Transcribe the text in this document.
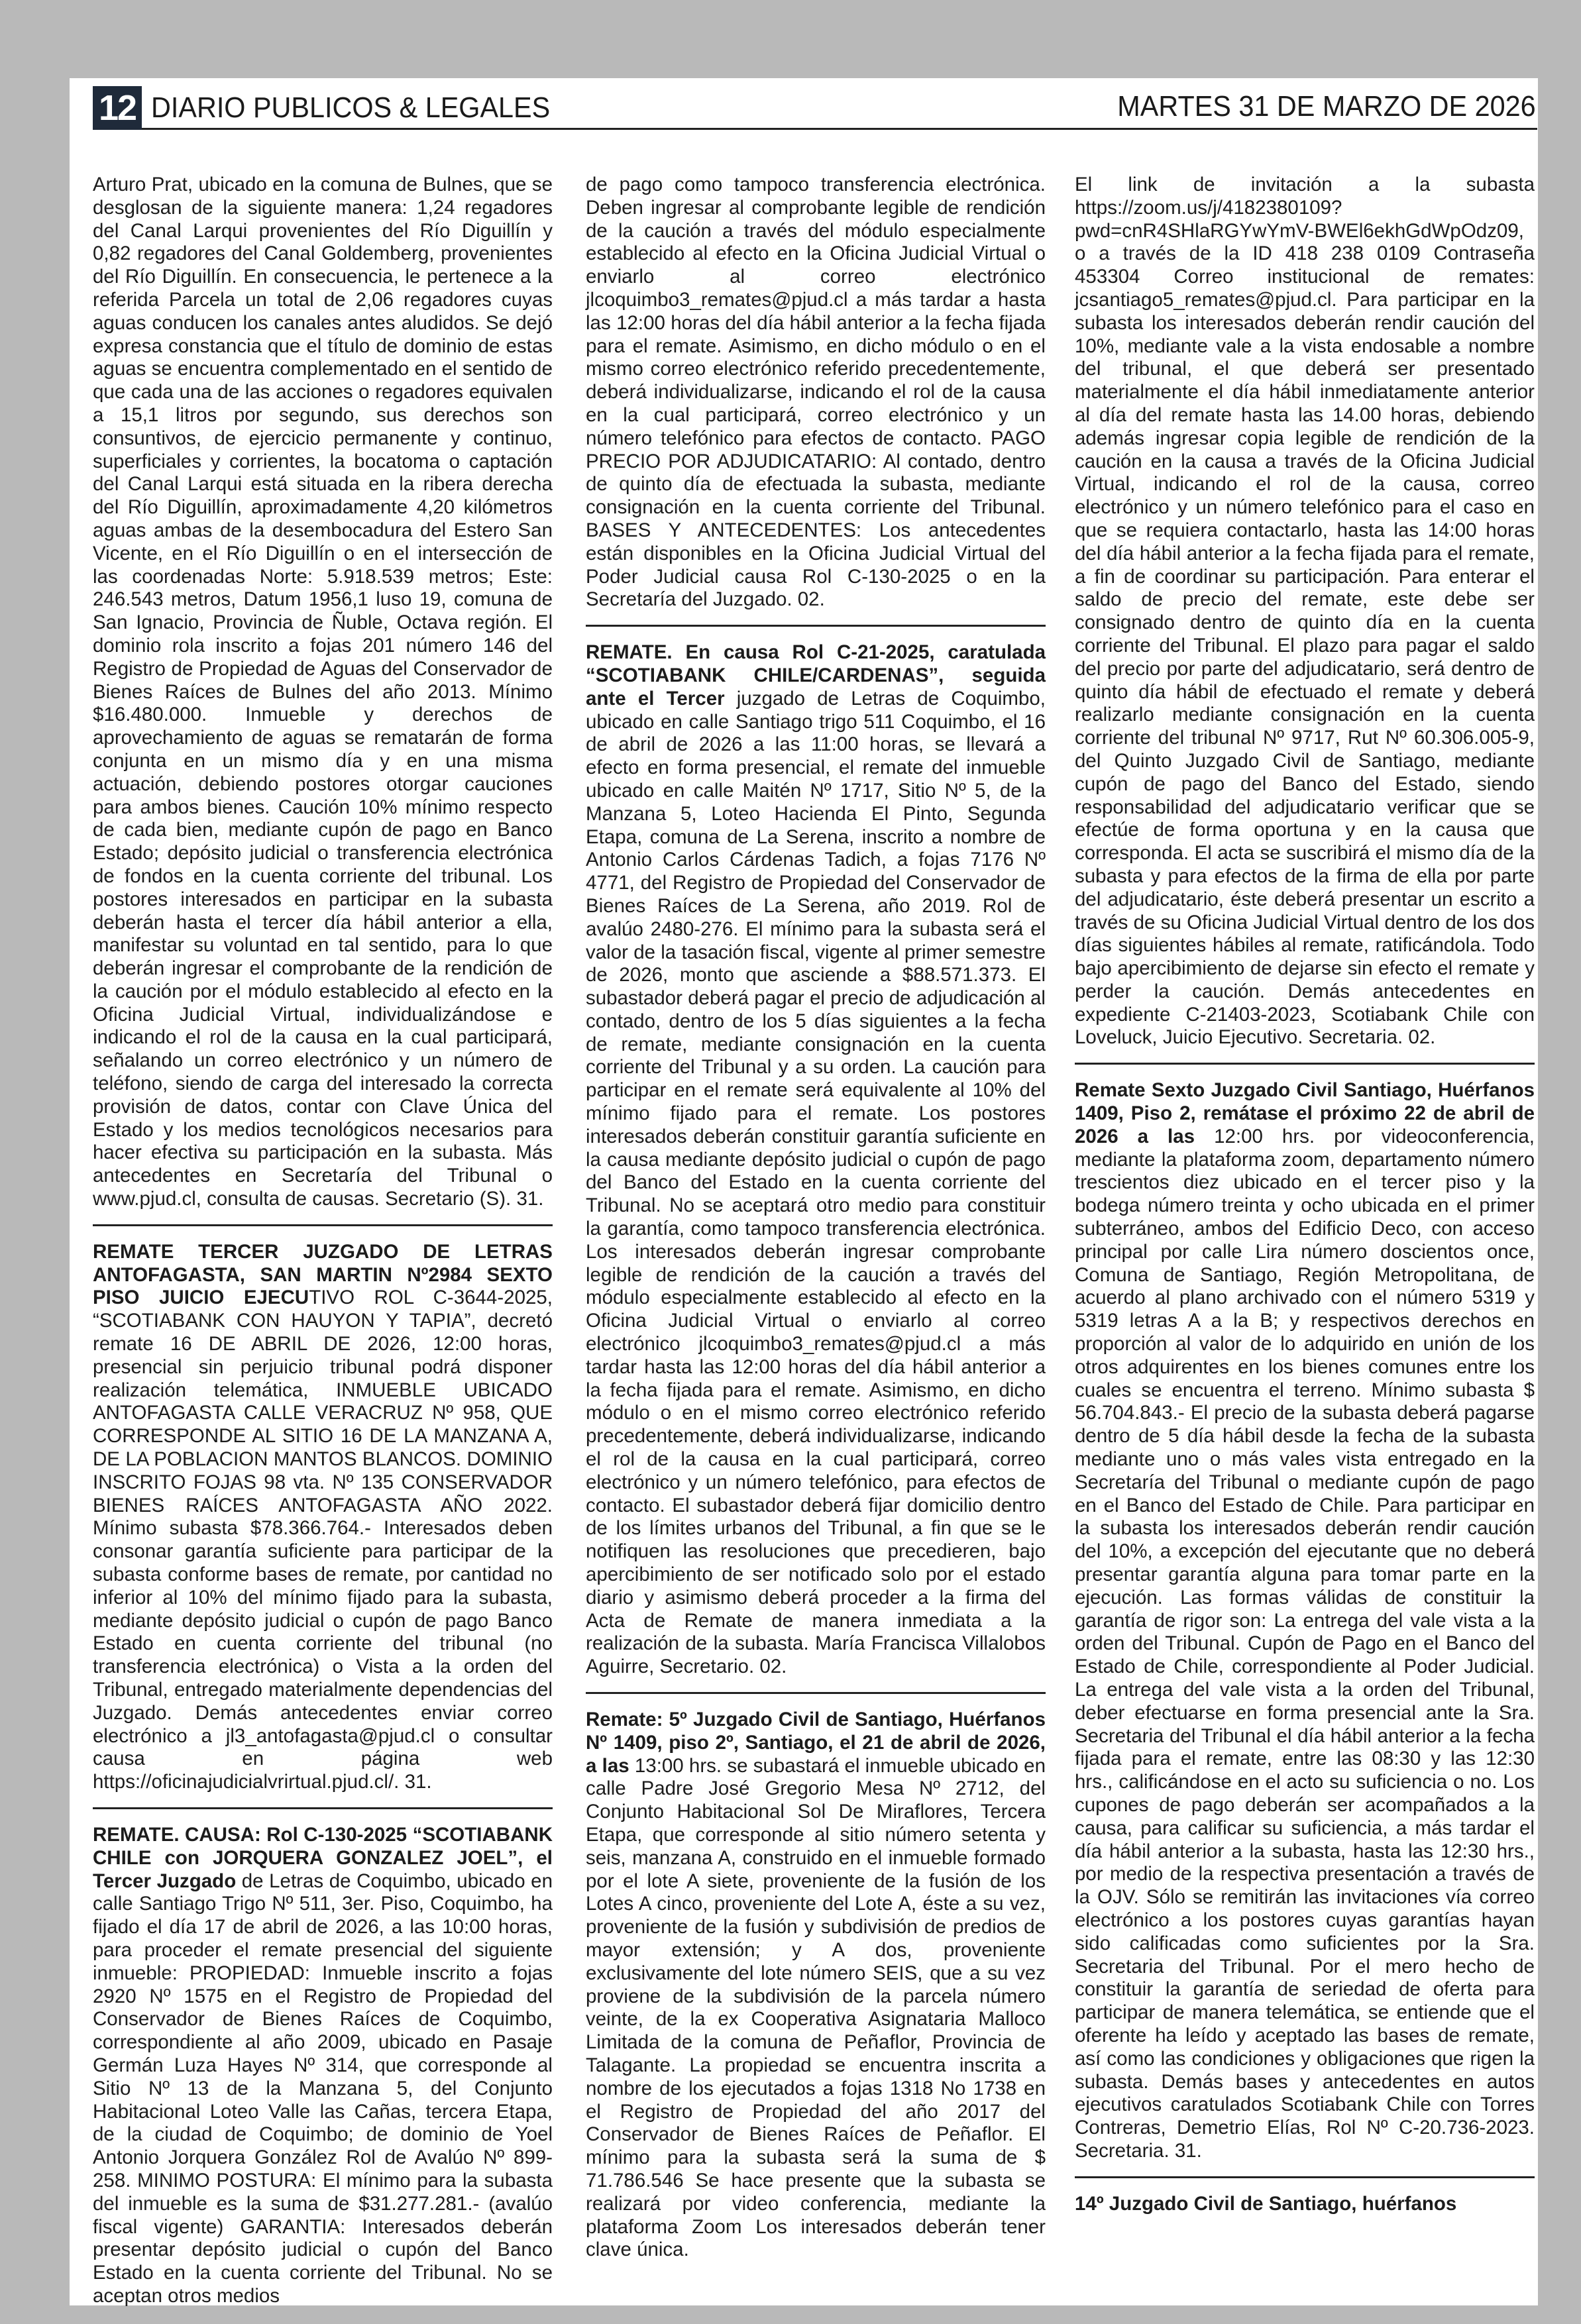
12 DIARIO PUBLICOS & LEGALES	MARTES 31 DE MARZO DE 2026

Arturo Prat, ubicado en la comuna de Bulnes, que se desglosan de la siguiente manera: 1,24 regadores del Canal Larqui provenientes del Río Diguillín y 0,82 regadores del Canal Goldemberg, provenientes del Río Diguillín. En consecuencia, le pertenece a la referida Parcela un total de 2,06 regadores cuyas aguas conducen los canales antes aludidos. Se dejó expresa constancia que el título de dominio de estas aguas se encuentra complementado en el sentido de que cada una de las acciones o regadores equivalen a 15,1 litros por segundo, sus derechos son consuntivos, de ejercicio permanente y continuo, superficiales y corrientes, la bocatoma o captación del Canal Larqui está situada en la ribera derecha del Río Diguillín, aproximadamente 4,20 kilómetros aguas ambas de la desembocadura del Estero San Vicente, en el Río Diguillín o en el intersección de las coordenadas Norte: 5.918.539 metros; Este: 246.543 metros, Datum 1956,1 luso 19, comuna de San Ignacio, Provincia de Ñuble, Octava región. El dominio rola inscrito a fojas 201 número 146 del Registro de Propiedad de Aguas del Conservador de Bienes Raíces de Bulnes del año 2013. Mínimo $16.480.000. Inmueble y derechos de aprovechamiento de aguas se rematarán de forma conjunta en un mismo día y en una misma actuación, debiendo postores otorgar cauciones para ambos bienes. Caución 10% mínimo respecto de cada bien, mediante cupón de pago en Banco Estado; depósito judicial o transferencia electrónica de fondos en la cuenta corriente del tribunal. Los postores interesados en participar en la subasta deberán hasta el tercer día hábil anterior a ella, manifestar su voluntad en tal sentido, para lo que deberán ingresar el comprobante de la rendición de la caución por el módulo establecido al efecto en la Oficina Judicial Virtual, individualizándose e indicando el rol de la causa en la cual participará, señalando un correo electrónico y un número de teléfono, siendo de carga del interesado la correcta provisión de datos, contar con Clave Única del Estado y los medios tecnológicos necesarios para hacer efectiva su participación en la subasta. Más antecedentes en Secretaría del Tribunal o www.pjud.cl, consulta de causas. Secretario (S). 31.

REMATE TERCER JUZGADO DE LETRAS ANTOFAGASTA, SAN MARTIN Nº2984 SEXTO PISO JUICIO EJECUTIVO ROL C-3644-2025, “SCOTIABANK CON HAUYON Y TAPIA”, decretó remate 16 DE ABRIL DE 2026, 12:00 horas, presencial sin perjuicio tribunal podrá disponer realización telemática, INMUEBLE UBICADO ANTOFAGASTA CALLE VERACRUZ Nº 958, QUE CORRESPONDE AL SITIO 16 DE LA MANZANA A, DE LA POBLACION MANTOS BLANCOS. DOMINIO INSCRITO FOJAS 98 vta. Nº 135 CONSERVADOR BIENES RAÍCES ANTOFAGASTA AÑO 2022. Mínimo subasta $78.366.764.- Interesados deben consonar garantía suficiente para participar de la subasta conforme bases de remate, por cantidad no inferior al 10% del mínimo fijado para la subasta, mediante depósito judicial o cupón de pago Banco Estado en cuenta corriente del tribunal (no transferencia electrónica) o Vista a la orden del Tribunal, entregado materialmente dependencias del Juzgado. Demás antecedentes enviar correo electrónico a jl3_antofagasta@pjud.cl o consultar causa en página web https://oficinajudicialvrirtual.pjud.cl/. 31.

REMATE. CAUSA: Rol C-130-2025 “SCOTIABANK CHILE con JORQUERA GONZALEZ JOEL”, el Tercer Juzgado de Letras de Coquimbo, ubicado en calle Santiago Trigo Nº 511, 3er. Piso, Coquimbo, ha fijado el día 17 de abril de 2026, a las 10:00 horas, para proceder el remate presencial del siguiente inmueble: PROPIEDAD: Inmueble inscrito a fojas 2920 Nº 1575 en el Registro de Propiedad del Conservador de Bienes Raíces de Coquimbo, correspondiente al año 2009, ubicado en Pasaje Germán Luza Hayes Nº 314, que corresponde al Sitio Nº 13 de la Manzana 5, del Conjunto Habitacional Loteo Valle las Cañas, tercera Etapa, de la ciudad de Coquimbo; de dominio de Yoel Antonio Jorquera González Rol de Avalúo Nº 899-258. MINIMO POSTURA: El mínimo para la subasta del inmueble es la suma de $31.277.281.- (avalúo fiscal vigente) GARANTIA: Interesados deberán presentar depósito judicial o cupón del Banco Estado en la cuenta corriente del Tribunal. No se aceptan otros medios

de pago como tampoco transferencia electrónica. Deben ingresar al comprobante legible de rendición de la caución a través del módulo especialmente establecido al efecto en la Oficina Judicial Virtual o enviarlo al correo electrónico jlcoquimbo3_remates@pjud.cl a más tardar a hasta las 12:00 horas del día hábil anterior a la fecha fijada para el remate. Asimismo, en dicho módulo o en el mismo correo electrónico referido precedentemente, deberá individualizarse, indicando el rol de la causa en la cual participará, correo electrónico y un número telefónico para efectos de contacto. PAGO PRECIO POR ADJUDICATARIO: Al contado, dentro de quinto día de efectuada la subasta, mediante consignación en la cuenta corriente del Tribunal. BASES Y ANTECEDENTES: Los antecedentes están disponibles en la Oficina Judicial Virtual del Poder Judicial causa Rol C-130-2025 o en la Secretaría del Juzgado. 02.

REMATE. En causa Rol C-21-2025, caratulada “SCOTIABANK CHILE/CARDENAS”, seguida ante el Tercer juzgado de Letras de Coquimbo, ubicado en calle Santiago trigo 511 Coquimbo, el 16 de abril de 2026 a las 11:00 horas, se llevará a efecto en forma presencial, el remate del inmueble ubicado en calle Maitén Nº 1717, Sitio Nº 5, de la Manzana 5, Loteo Hacienda El Pinto, Segunda Etapa, comuna de La Serena, inscrito a nombre de Antonio Carlos Cárdenas Tadich, a fojas 7176 Nº 4771, del Registro de Propiedad del Conservador de Bienes Raíces de La Serena, año 2019. Rol de avalúo 2480-276. El mínimo para la subasta será el valor de la tasación fiscal, vigente al primer semestre de 2026, monto que asciende a $88.571.373. El subastador deberá pagar el precio de adjudicación al contado, dentro de los 5 días siguientes a la fecha de remate, mediante consignación en la cuenta corriente del Tribunal y a su orden. La caución para participar en el remate será equivalente al 10% del mínimo fijado para el remate. Los postores interesados deberán constituir garantía suficiente en la causa mediante depósito judicial o cupón de pago del Banco del Estado en la cuenta corriente del Tribunal. No se aceptará otro medio para constituir la garantía, como tampoco transferencia electrónica. Los interesados deberán ingresar comprobante legible de rendición de la caución a través del módulo especialmente establecido al efecto en la Oficina Judicial Virtual o enviarlo al correo electrónico jlcoquimbo3_remates@pjud.cl a más tardar hasta las 12:00 horas del día hábil anterior a la fecha fijada para el remate. Asimismo, en dicho módulo o en el mismo correo electrónico referido precedentemente, deberá individualizarse, indicando el rol de la causa en la cual participará, correo electrónico y un número telefónico, para efectos de contacto. El subastador deberá fijar domicilio dentro de los límites urbanos del Tribunal, a fin que se le notifiquen las resoluciones que precedieren, bajo apercibimiento de ser notificado solo por el estado diario y asimismo deberá proceder a la firma del Acta de Remate de manera inmediata a la realización de la subasta. María Francisca Villalobos Aguirre, Secretario. 02.

Remate: 5º Juzgado Civil de Santiago, Huérfanos Nº 1409, piso 2º, Santiago, el 21 de abril de 2026, a las 13:00 hrs. se subastará el inmueble ubicado en calle Padre José Gregorio Mesa Nº 2712, del Conjunto Habitacional Sol De Miraflores, Tercera Etapa, que corresponde al sitio número setenta y seis, manzana A, construido en el inmueble formado por el lote A siete, proveniente de la fusión de los Lotes A cinco, proveniente del Lote A, éste a su vez, proveniente de la fusión y subdivisión de predios de mayor extensión; y A dos, proveniente exclusivamente del lote número SEIS, que a su vez proviene de la subdivisión de la parcela número veinte, de la ex Cooperativa Asignataria Malloco Limitada de la comuna de Peñaflor, Provincia de Talagante. La propiedad se encuentra inscrita a nombre de los ejecutados a fojas 1318 No 1738 en el Registro de Propiedad del año 2017 del Conservador de Bienes Raíces de Peñaflor. El mínimo para la subasta será la suma de $ 71.786.546 Se hace presente que la subasta se realizará por video conferencia, mediante la plataforma Zoom Los interesados deberán tener clave única.

El link de invitación a la subasta https://zoom.us/j/4182380109?pwd=cnR4SHlaRGYwYmV-BWEl6ekhGdWpOdz09, o a través de la ID 418 238 0109 Contraseña 453304 Correo institucional de remates: jcsantiago5_remates@pjud.cl. Para participar en la subasta los interesados deberán rendir caución del 10%, mediante vale a la vista endosable a nombre del tribunal, el que deberá ser presentado materialmente el día hábil inmediatamente anterior al día del remate hasta las 14.00 horas, debiendo además ingresar copia legible de rendición de la caución en la causa a través de la Oficina Judicial Virtual, indicando el rol de la causa, correo electrónico y un número telefónico para el caso en que se requiera contactarlo, hasta las 14:00 horas del día hábil anterior a la fecha fijada para el remate, a fin de coordinar su participación. Para enterar el saldo de precio del remate, este debe ser consignado dentro de quinto día en la cuenta corriente del Tribunal. El plazo para pagar el saldo del precio por parte del adjudicatario, será dentro de quinto día hábil de efectuado el remate y deberá realizarlo mediante consignación en la cuenta corriente del tribunal Nº 9717, Rut Nº 60.306.005-9, del Quinto Juzgado Civil de Santiago, mediante cupón de pago del Banco del Estado, siendo responsabilidad del adjudicatario verificar que se efectúe de forma oportuna y en la causa que corresponda. El acta se suscribirá el mismo día de la subasta y para efectos de la firma de ella por parte del adjudicatario, éste deberá presentar un escrito a través de su Oficina Judicial Virtual dentro de los dos días siguientes hábiles al remate, ratificándola. Todo bajo apercibimiento de dejarse sin efecto el remate y perder la caución. Demás antecedentes en expediente C-21403-2023, Scotiabank Chile con Loveluck, Juicio Ejecutivo. Secretaria. 02.

Remate Sexto Juzgado Civil Santiago, Huérfanos 1409, Piso 2, remátase el próximo 22 de abril de 2026 a las 12:00 hrs. por videoconferencia, mediante la plataforma zoom, departamento número trescientos diez ubicado en el tercer piso y la bodega número treinta y ocho ubicada en el primer subterráneo, ambos del Edificio Deco, con acceso principal por calle Lira número doscientos once, Comuna de Santiago, Región Metropolitana, de acuerdo al plano archivado con el número 5319 y 5319 letras A a la B; y respectivos derechos en proporción al valor de lo adquirido en unión de los otros adquirentes en los bienes comunes entre los cuales se encuentra el terreno. Mínimo subasta $ 56.704.843.- El precio de la subasta deberá pagarse dentro de 5 día hábil desde la fecha de la subasta mediante uno o más vales vista entregado en la Secretaría del Tribunal o mediante cupón de pago en el Banco del Estado de Chile. Para participar en la subasta los interesados deberán rendir caución del 10%, a excepción del ejecutante que no deberá presentar garantía alguna para tomar parte en la ejecución. Las formas válidas de constituir la garantía de rigor son: La entrega del vale vista a la orden del Tribunal. Cupón de Pago en el Banco del Estado de Chile, correspondiente al Poder Judicial. La entrega del vale vista a la orden del Tribunal, deber efectuarse en forma presencial ante la Sra. Secretaria del Tribunal el día hábil anterior a la fecha fijada para el remate, entre las 08:30 y las 12:30 hrs., calificándose en el acto su suficiencia o no. Los cupones de pago deberán ser acompañados a la causa, para calificar su suficiencia, a más tardar el día hábil anterior a la subasta, hasta las 12:30 hrs., por medio de la respectiva presentación a través de la OJV. Sólo se remitirán las invitaciones vía correo electrónico a los postores cuyas garantías hayan sido calificadas como suficientes por la Sra. Secretaria del Tribunal. Por el mero hecho de constituir la garantía de seriedad de oferta para participar de manera telemática, se entiende que el oferente ha leído y aceptado las bases de remate, así como las condiciones y obligaciones que rigen la subasta. Demás bases y antecedentes en autos ejecutivos caratulados Scotiabank Chile con Torres Contreras, Demetrio Elías, Rol Nº C-20.736-2023. Secretaria. 31.

14º Juzgado Civil de Santiago, huérfanos
